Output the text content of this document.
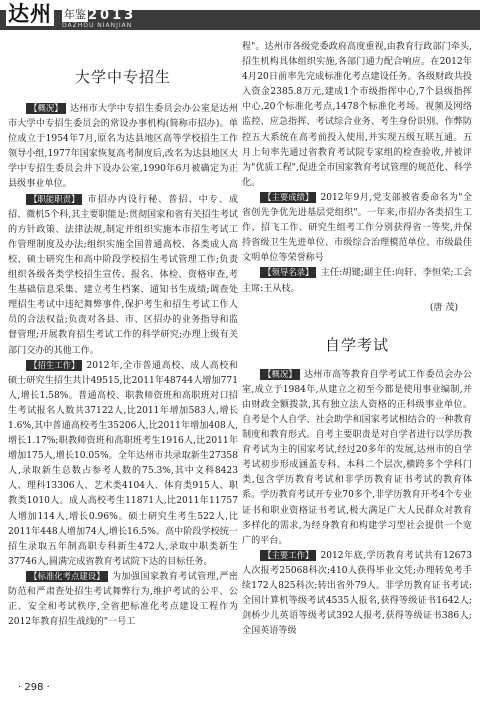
达州 年鉴 2013
DAZHOU NIANJIAN
大学中专招生

【概况】 达州市大学中专招生委员会办公室是达州市大学中专招生委员会的常设办事机构(简称市招办)。单位成立于1954年7月,原名为达县地区高等学校招生工作领导小组,1977年国家恢复高考制度后,改名为达县地区大学中专招生委员会并下设办公室,1990年6月被确定为正县级事业单位。

【职能职责】 市招办内设行秘、普招、中专、成招、微机5个科,其主要职能是:贯彻国家和省有关招生考试的方针政策、法律法规,制定并组织实施本市招生考试工作管理制度及办法;组织实施全国普通高校、各类成人高校、硕士研究生和高中阶段学校招生考试管理工作;负责组织各级各类学校招生宣传、报名、体检、资格审查,考生基础信息采集、建立考生档案、通知书生成绩;调查处理招生考试中违纪舞弊事件,保护考生和招生考试工作人员的合法权益;负责对各县、市、区招办的业务指导和监督管理;开展教育招生考试工作的科学研究;办理上级有关部门交办的其他工作。

【招生工作】 2012年,全市普通高校、成人高校和硕士研究生招生共计49515,比2011年48744人增加771人,增长1.58%。普通高校、职教师资班和高职班对口招生考试报名人数共37122人,比2011年增加583人,增长1.6%,其中普通高校考生35206人,比2011年增加408人,增长1.17%;职教师资班和高职班考生1916人,比2011年增加175人,增长10.05%。全年达州市共录取新生27358人,录取新生总数占参考人数的75.3%,其中文科8423人、理科13306人、艺术类4104人、体育类915人、职教类1010人。成人高校考生11871人,比2011年11757人增加114人,增长0.96%。硕士研究生考生522人,比2011年448人增加74人,增长16.5%。高中阶段学校统一招生录取五年制高职专科新生472人,录取中职类新生37746人,圆满完成省教育考试院下达的目标任务。

【标准化考点建设】 为加强国家教育考试管理,严密防范和严肃查处招生考试舞弊行为,维护考试的公平、公正、安全和考试秩序,全省把标准化考点建设工程作为2012年教育招生战线的"一号工

程"。达州市各级党委政府高度重视,由教育行政部门牵头,招生机构具体组织实施,各部门通力配合响应。在2012年4月20日前率先完成标准化考点建设任务。各级财政共投入资金2385.8万元,建成1个市级指挥中心,7个县级指挥中心,20个标准化考点,1478个标准化考场。视频及网络监控、应急指挥、考试综合业务、考生身份识别、作弊防控五大系统在高考前投入使用,并实现五级互联互通。五月上旬率先通过省教育考试院专家组的检查验收,并被评为"优质工程",促进全市国家教育考试管理的规范化、科学化。

【主要成绩】 2012年9月,党支部被省委命名为"全省创先争优先进基层党组织"。一年来,市招办各类招生工作、招飞工作、研究生组考工作分别获得省一等奖,并保持省级卫生先进单位、市级综合治理模范单位、市级最佳文明单位等荣誉称号

【领导名录】 主任:胡键;副主任:向轩、李恒荣;工会主席:王从枝。

(唐 茂)
自学考试

【概况】 达州市高等教育自学考试工作委员会办公室,成立于1984年,从建立之初至今都是使用事业编制,并由财政全额拨款,其有独立法人资格的正科级事业单位。自考是个人自学、社会助学和国家考试相结合的一种教育制度和教育形式。自考主要职责是对自学者进行以学历教育考试为主的国家考试,经过20多年的发展,达州市的自学考试初步形成涵盖专科、本科二个层次,横跨多个学科门类,包含学历教育考试和非学历教育证书考试的教育体系。学历教育考试开专业70多个,非学历教育开考4个专业证书和职业资格证书考试,极大满足广大人民群众对教育多样化的需求,为经身教育和构建学习型社会提供一个宽广的平台。

【主要工作】 2012年底,学历教育考试共有12673人次报考25068科次;410人获得毕业文凭;办理转免考手续172人825科次;转出省外79人。非学历教育证书考试:全国计算机等级考试4535人报名,获得等级证书1642人;剑桥少儿英语等级考试392人报考,获得等级证书386人;全国英语等级

· 298 ·
